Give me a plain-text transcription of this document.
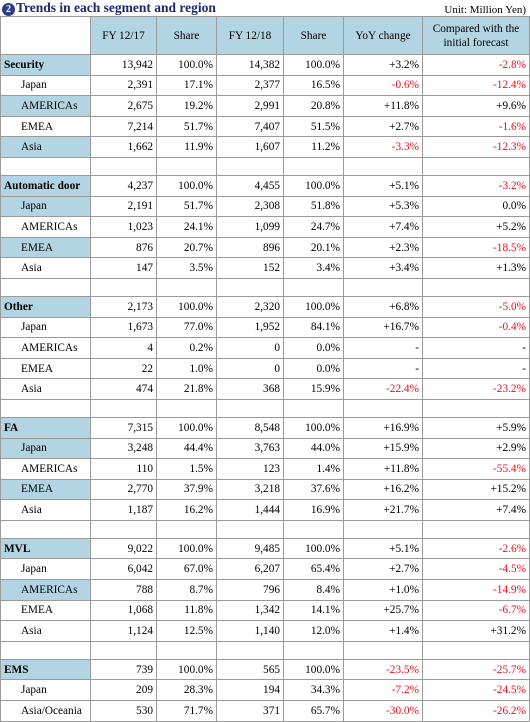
2 Trends in each segment and region	Unit: Million Yen)
	FY 12/17	Share	FY 12/18	Share	YoY change	Compared with the initial forecast
Security	13,942	100.0%	14,382	100.0%	+3.2%	-2.8%
Japan	2,391	17.1%	2,377	16.5%	-0.6%	-12.4%
AMERICAs	2,675	19.2%	2,991	20.8%	+11.8%	+9.6%
EMEA	7,214	51.7%	7,407	51.5%	+2.7%	-1.6%
Asia	1,662	11.9%	1,607	11.2%	-3.3%	-12.3%

Automatic door	4,237	100.0%	4,455	100.0%	+5.1%	-3.2%
Japan	2,191	51.7%	2,308	51.8%	+5.3%	0.0%
AMERICAs	1,023	24.1%	1,099	24.7%	+7.4%	+5.2%
EMEA	876	20.7%	896	20.1%	+2.3%	-18.5%
Asia	147	3.5%	152	3.4%	+3.4%	+1.3%

Other	2,173	100.0%	2,320	100.0%	+6.8%	-5.0%
Japan	1,673	77.0%	1,952	84.1%	+16.7%	-0.4%
AMERICAs	4	0.2%	0	0.0%	-	-
EMEA	22	1.0%	0	0.0%	-	-
Asia	474	21.8%	368	15.9%	-22.4%	-23.2%

FA	7,315	100.0%	8,548	100.0%	+16.9%	+5.9%
Japan	3,248	44.4%	3,763	44.0%	+15.9%	+2.9%
AMERICAs	110	1.5%	123	1.4%	+11.8%	-55.4%
EMEA	2,770	37.9%	3,218	37.6%	+16.2%	+15.2%
Asia	1,187	16.2%	1,444	16.9%	+21.7%	+7.4%

MVL	9,022	100.0%	9,485	100.0%	+5.1%	-2.6%
Japan	6,042	67.0%	6,207	65.4%	+2.7%	-4.5%
AMERICAs	788	8.7%	796	8.4%	+1.0%	-14.9%
EMEA	1,068	11.8%	1,342	14.1%	+25.7%	-6.7%
Asia	1,124	12.5%	1,140	12.0%	+1.4%	+31.2%

EMS	739	100.0%	565	100.0%	-23.5%	-25.7%
Japan	209	28.3%	194	34.3%	-7.2%	-24.5%
Asia/Oceania	530	71.7%	371	65.7%	-30.0%	-26.2%
